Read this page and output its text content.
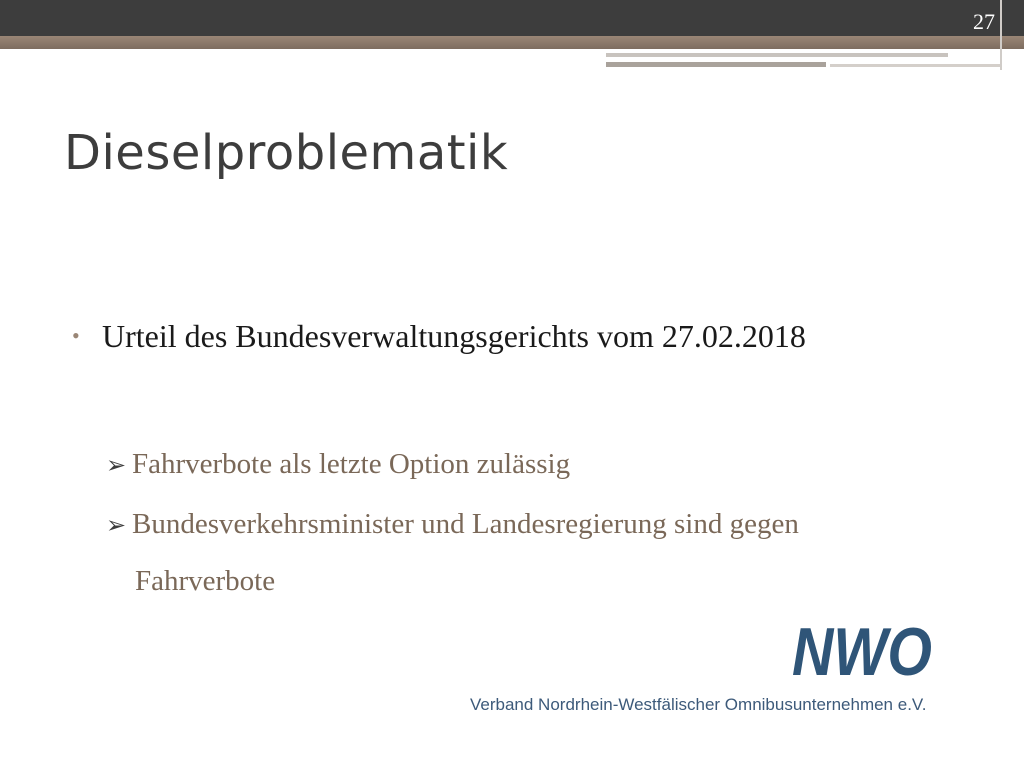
27
Dieselproblematik
• Urteil des Bundesverwaltungsgerichts vom 27.02.2018
➢ Fahrverbote als letzte Option zulässig
➢ Bundesverkehrsminister und Landesregierung sind gegen
Fahrverbote
NWO
Verband Nordrhein-Westfälischer Omnibusunternehmen e.V.
